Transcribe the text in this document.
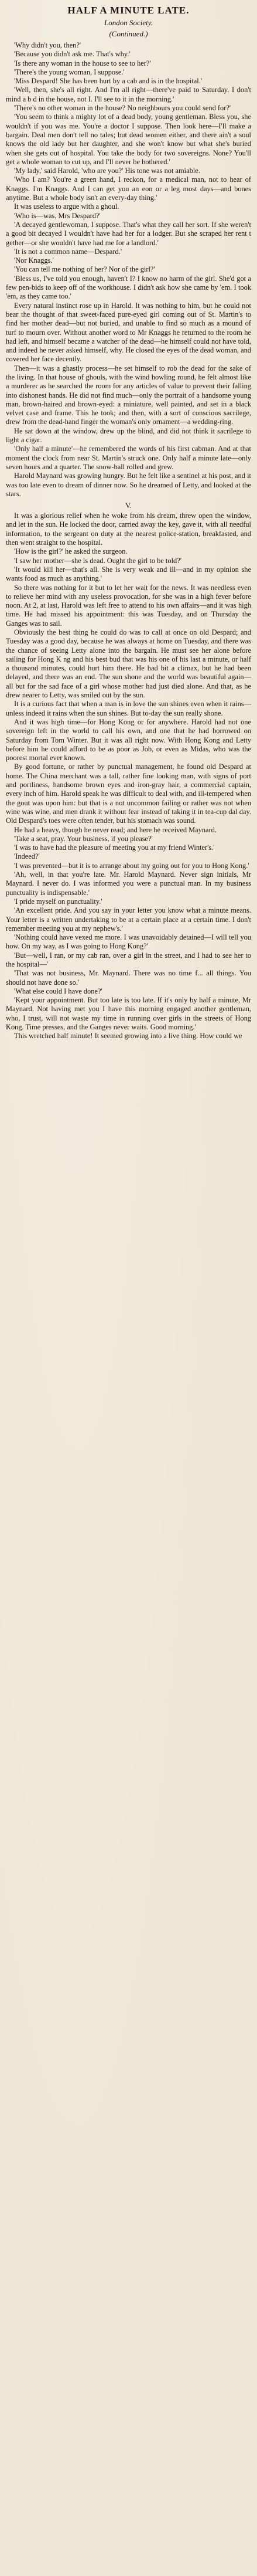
HALF A MINUTE LATE.
London Society.
(Continued.)

'Why didn't you, then?'

'Because you didn't ask me. That's why.'

'Is there any woman in the house to see to her?'

'There's the young woman, I suppose.'

'Miss Despard! She has been hurt by a cab and is in the hospital.'

'Well, then, she's all right. And I'm all right—there've paid to Saturday. I don't mind a b d in the house, not I. I'll see to it in the morning.'

'There's no other woman in the house? No neighbours you could send for?'

'You seem to think a mighty lot of a dead body, young gentleman. Bless you, she wouldn't if you was me. You're a doctor I suppose. Then look here—I'll make a bargain. Deal men don't tell no tales; but dead women either, and there ain't a soul knows the old lady but her daughter, and she won't know but what she's buried when she gets out of hospital. You take the body for two sovereigns. None? You'll get a whole woman to cut up, and I'll never be bothered.'

'My lady,' said Harold, 'who are you?' His tone was not amiable.

'Who I am? You're a green hand, I reckon, for a medical man, not to hear of Knaggs. I'm Knaggs. And I can get you an eon or a leg most days—and bones anytime. But a whole body isn't an every-day thing.'

It was useless to argue with a ghoul.

'Who is—was, Mrs Despard?'

'A decayed gentlewoman, I suppose. That's what they call her sort. If she weren't a good bit decayed I wouldn't have had her for a lodger. But she scraped her rent t gether—or she wouldn't have had me for a landlord.'

'It is not a common name—Despard.'

'Nor Knaggs.'

'You can tell me nothing of her? Nor of the girl?'

'Bless us, I've told you enough, haven't I? I know no harm of the girl. She'd got a few pen-bids to keep off of the workhouse. I didn't ask how she came by 'em. I took 'em, as they came too.'

Every natural instinct rose up in Harold. It was nothing to him, but he could not bear the thought of that sweet-faced pure-eyed girl coming out of St. Martin's to find her mother dead—but not buried, and unable to find so much as a mound of turf to mourn over. Without another word to Mr Knaggs he returned to the room he had left, and himself became a watcher of the dead—he himself could not have told, and indeed he never asked himself, why. He closed the eyes of the dead woman, and covered her face decently.

Then—it was a ghastly process—he set himself to rob the dead for the sake of the living. In that house of ghouls, with the wind howling round, he felt almost like a murderer as he searched the room for any articles of value to prevent their falling into dishonest hands. He did not find much—only the portrait of a handsome young man, brown-haired and brown-eyed: a miniature, well painted, and set in a black velvet case and frame. This he took; and then, with a sort of conscious sacrilege, drew from the dead-hand finger the woman's only ornament—a wedding-ring.

He sat down at the window, drew up the blind, and did not think it sacrilege to light a cigar.

'Only half a minute'—he remembered the words of his first cabman. And at that moment the clock from near St. Martin's struck one. Only half a minute late—only seven hours and a quarter. The snow-ball rolled and grew.

Harold Maynard was growing hungry. But he felt like a sentinel at his post, and it was too late even to dream of dinner now. So he dreamed of Letty, and looked at the stars.

V.

It was a glorious relief when he woke from his dream, threw open the window, and let in the sun. He locked the door, carried away the key, gave it, with all needful information, to the sergeant on duty at the nearest police-station, breakfasted, and then went straight to the hospital.

'How is the girl?' he asked the surgeon.

'I saw her mother—she is dead. Ought the girl to be told?'

'It would kill her—that's all. She is very weak and ill—and in my opinion she wants food as much as anything.'

So there was nothing for it but to let her wait for the news. It was needless even to relieve her mind with any useless provocation, for she was in a high fever before noon. At 2, at last, Harold was left free to attend to his own affairs—and it was high time. He had missed his appointment: this was Tuesday, and on Thursday the Ganges was to sail.

Obviously the best thing he could do was to call at once on old Despard; and Tuesday was a good day, because he was always at home on Tuesday, and there was the chance of seeing Letty alone into the bargain. He must see her alone before sailing for Hong K ng and his best bud that was his one of his last a minute, or half a thousand minutes, could hurt him there. He had bit a climax, but he had been delayed, and there was an end. The sun shone and the world was beautiful again—all but for the sad face of a girl whose mother had just died alone. And that, as he drew nearer to Letty, was smiled out by the sun.

It is a curious fact that when a man is in love the sun shines even when it rains—unless indeed it rains when the sun shines. But to-day the sun really shone.

And it was high time—for Hong Kong or for anywhere. Harold had not one sovereign left in the world to call his own, and one that he had borrowed on Saturday from Tom Winter. But it was all right now. With Hong Kong and Letty before him he could afford to be as poor as Job, or even as Midas, who was the poorest mortal ever known.

By good fortune, or rather by punctual management, he found old Despard at home. The China merchant was a tall, rather fine looking man, with signs of port and portliness, handsome brown eyes and iron-gray hair, a commercial captain, every inch of him. Harold speak he was difficult to deal with, and ill-tempered when the gout was upon him: but that is a not uncommon failing or rather was not when wine was wine, and men drank it without fear instead of taking it in tea-cup dal day. Old Despard's toes were often tender, but his stomach was sound.

He had a heavy, though he never read; and here he received Maynard.

'Take a seat, pray. Your business, if you please?'

'I was to have had the pleasure of meeting you at my friend Winter's.'

'Indeed?'

'I was prevented—but it is to arrange about my going out for you to Hong Kong.'

'Ah, well, in that you're late. Mr. Harold Maynard. Never sign initials, Mr Maynard. I never do. I was informed you were a punctual man. In my business punctuality is indispensable.'

'I pride myself on punctuality.'

'An excellent pride. And you say in your letter you know what a minute means. Your letter is a written undertaking to be at a certain place at a certain time. I don't remember meeting you at my nephew's.'

'Nothing could have vexed me more. I was unavoidably detained—I will tell you how. On my way, as I was going to Hong Kong?'

'But—well, I ran, or my cab ran, over a girl in the street, and I had to see her to the hospital—'

'That was not business, Mr. Maynard. There was no time f... all things. You should not have done so.'

'What else could I have done?'

'Kept your appointment. But too late is too late. If it's only by half a minute, Mr Maynard. Not having met you I have this morning engaged another gentleman, who, I trust, will not waste my time in running over girls in the streets of Hong Kong. Time presses, and the Ganges never waits. Good morning.'

This wretched half minute! It seemed growing into a live thing. How could we
